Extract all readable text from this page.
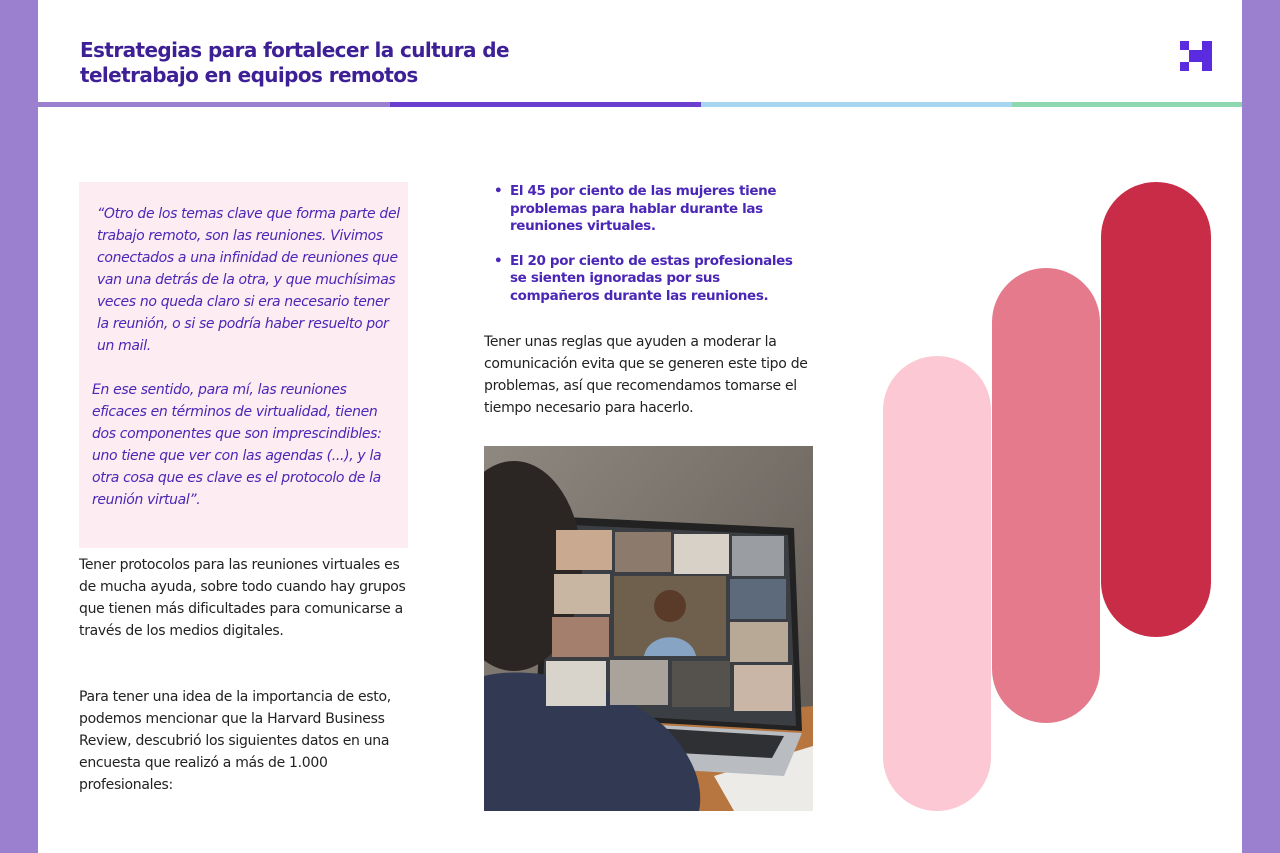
Estrategias para fortalecer la cultura de teletrabajo en equipos remotos

“Otro de los temas clave que forma parte del trabajo remoto, son las reuniones. Vivimos conectados a una infinidad de reuniones que van una detrás de la otra, y que muchísimas veces no queda claro si era necesario tener la reunión, o si se podría haber resuelto por un mail.

En ese sentido, para mí, las reuniones eficaces en términos de virtualidad, tienen dos componentes que son imprescindibles: uno tiene que ver con las agendas (...), y la otra cosa que es clave es el protocolo de la reunión virtual”.

Tener protocolos para las reuniones virtuales es de mucha ayuda, sobre todo cuando hay grupos que tienen más dificultades para comunicarse a través de los medios digitales.

Para tener una idea de la importancia de esto, podemos mencionar que la Harvard Business Review, descubrió los siguientes datos en una encuesta que realizó a más de 1.000 profesionales:

• El 45 por ciento de las mujeres tiene problemas para hablar durante las reuniones virtuales.
• El 20 por ciento de estas profesionales se sienten ignoradas por sus compañeros durante las reuniones.

Tener unas reglas que ayuden a moderar la comunicación evita que se generen este tipo de problemas, así que recomendamos tomarse el tiempo necesario para hacerlo.
